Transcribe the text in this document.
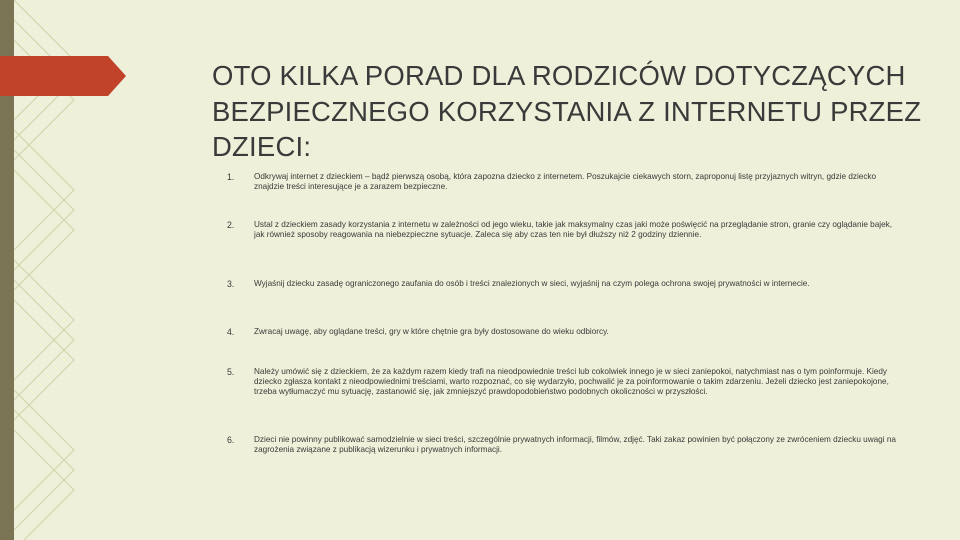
OTO KILKA PORAD DLA RODZICÓW DOTYCZĄCYCH BEZPIECZNEGO KORZYSTANIA Z INTERNETU PRZEZ DZIECI:
1. Odkrywaj internet z dzieckiem – bądź pierwszą osobą, która zapozna dziecko z internetem. Poszukajcie ciekawych storn, zaproponuj listę przyjaznych witryn, gdzie dziecko znajdzie treści interesujące je a zarazem bezpieczne.
2. Ustal z dzieckiem zasady korzystania z internetu w zależności od jego wieku, takie jak maksymalny czas jaki może poświęcić na przeglądanie stron, granie czy oglądanie bajek, jak również sposoby reagowania na niebezpieczne sytuacje. Zaleca się aby czas ten nie był dłuższy niż 2 godziny dziennie.
3. Wyjaśnij dziecku zasadę ograniczonego zaufania do osób i treści znalezionych w sieci, wyjaśnij na czym polega ochrona swojej prywatności w internecie.
4. Zwracaj uwagę, aby oglądane treści, gry w które chętnie gra były dostosowane do wieku odbiorcy.
5. Należy umówić się z dzieckiem, że za każdym razem kiedy trafi na nieodpowiednie treści lub cokolwiek innego je w sieci zaniepokoi, natychmiast nas o tym poinformuje. Kiedy dziecko zgłasza kontakt z nieodpowiednimi treściami, warto rozpoznać, co się wydarzyło, pochwalić je za poinformowanie o takim zdarzeniu. Jeżeli dziecko jest zaniepokojone, trzeba wytłumaczyć mu sytuację, zastanowić się, jak zmniejszyć prawdopodobieństwo podobnych okoliczności w przyszłości.
6. Dzieci nie powinny publikować samodzielnie w sieci treści, szczególnie prywatnych informacji, filmów, zdjęć. Taki zakaz powinien być połączony ze zwróceniem dziecku uwagi na zagrożenia związane z publikacją wizerunku i prywatnych informacji.
